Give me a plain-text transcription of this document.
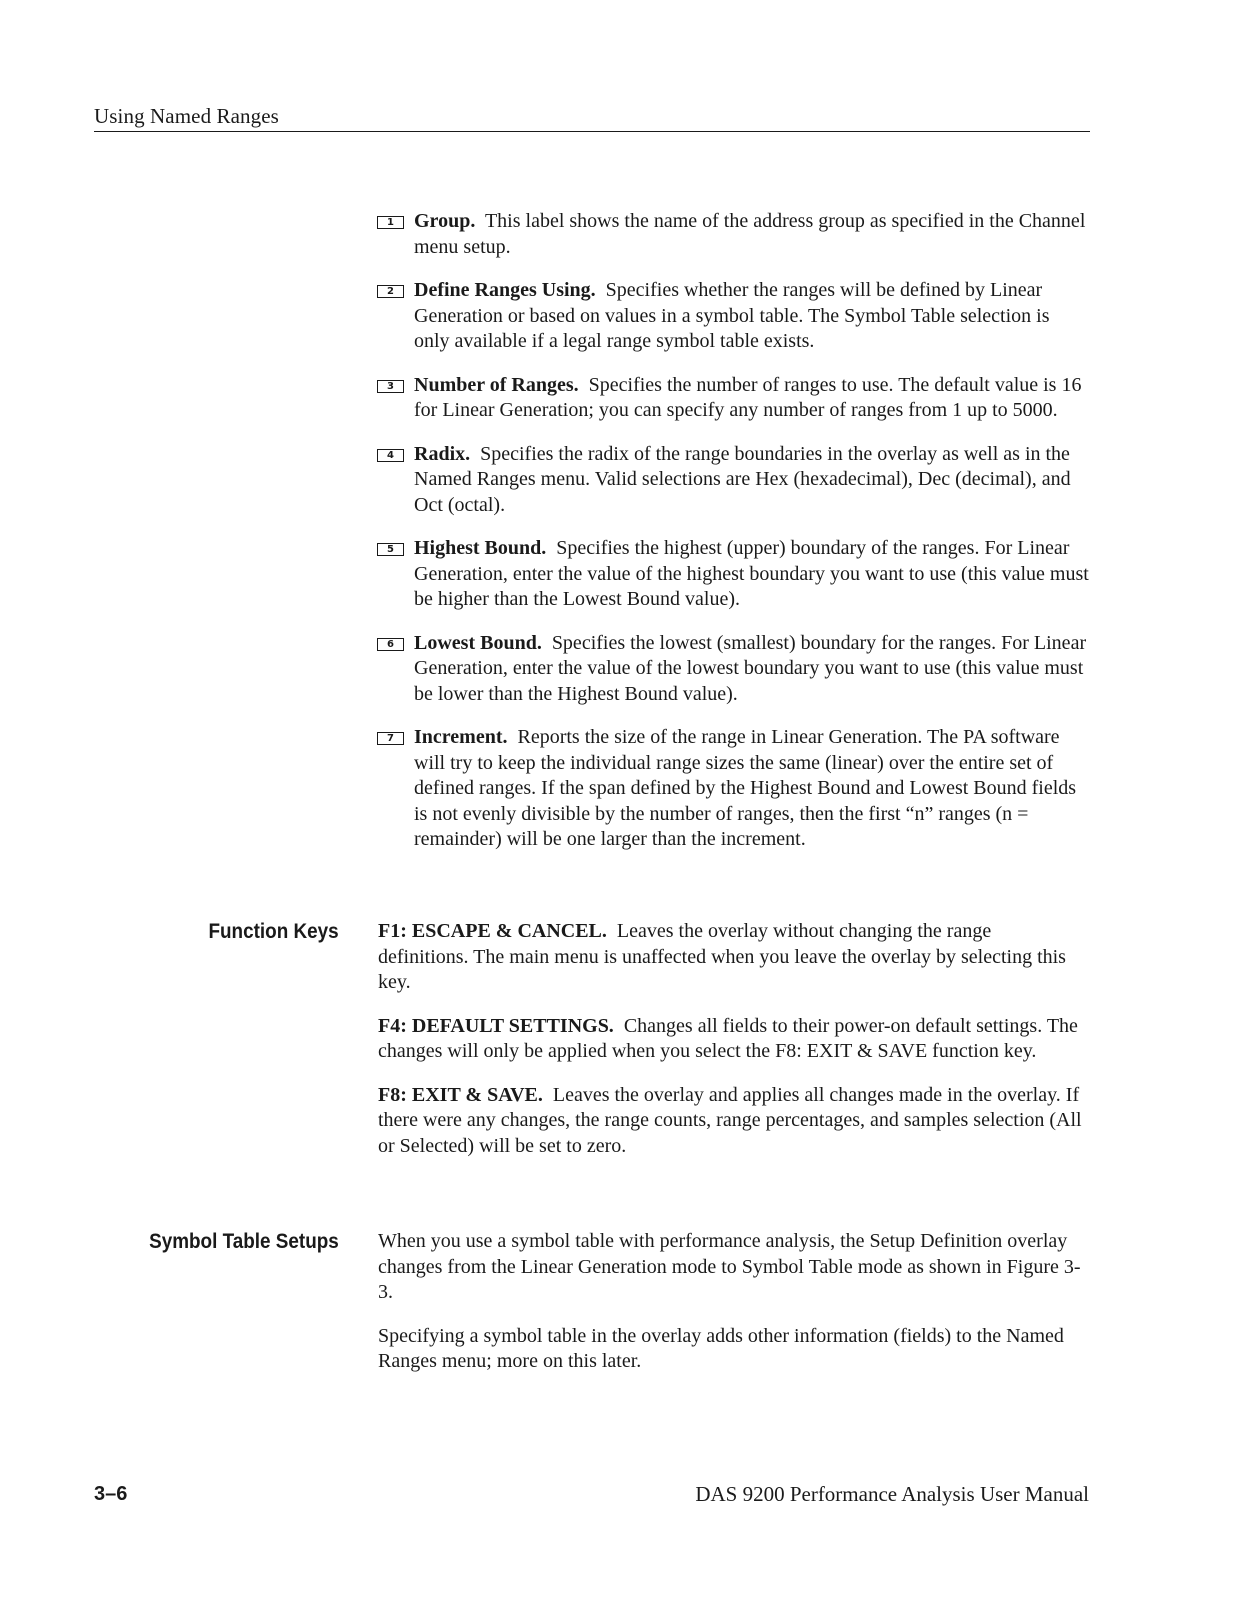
Using Named Ranges
1	Group. This label shows the name of the address group as specified in the Channel menu setup.
2	Define Ranges Using. Specifies whether the ranges will be defined by Linear Generation or based on values in a symbol table. The Symbol Table selection is only available if a legal range symbol table exists.
3	Number of Ranges. Specifies the number of ranges to use. The default value is 16 for Linear Generation; you can specify any number of ranges from 1 up to 5000.
4	Radix. Specifies the radix of the range boundaries in the overlay as well as in the Named Ranges menu. Valid selections are Hex (hexadecimal), Dec (decimal), and Oct (octal).
5	Highest Bound. Specifies the highest (upper) boundary of the ranges. For Linear Generation, enter the value of the highest boundary you want to use (this value must be higher than the Lowest Bound value).
6	Lowest Bound. Specifies the lowest (smallest) boundary for the ranges. For Linear Generation, enter the value of the lowest boundary you want to use (this value must be lower than the Highest Bound value).
7	Increment. Reports the size of the range in Linear Generation. The PA software will try to keep the individual range sizes the same (linear) over the entire set of defined ranges. If the span defined by the Highest Bound and Lowest Bound fields is not evenly divisible by the number of ranges, then the first “n” ranges (n = remainder) will be one larger than the increment.
Function Keys F1: ESCAPE & CANCEL. Leaves the overlay without changing the range definitions. The main menu is unaffected when you leave the overlay by selecting this key.

F4: DEFAULT SETTINGS. Changes all fields to their power-on default settings. The changes will only be applied when you select the F8: EXIT & SAVE function key.

F8: EXIT & SAVE. Leaves the overlay and applies all changes made in the overlay. If there were any changes, the range counts, range percentages, and samples selection (All or Selected) will be set to zero.

Symbol Table Setups When you use a symbol table with performance analysis, the Setup Definition overlay changes from the Linear Generation mode to Symbol Table mode as shown in Figure 3-3.

Specifying a symbol table in the overlay adds other information (fields) to the Named Ranges menu; more on this later.

3–6	DAS 9200 Performance Analysis User Manual
